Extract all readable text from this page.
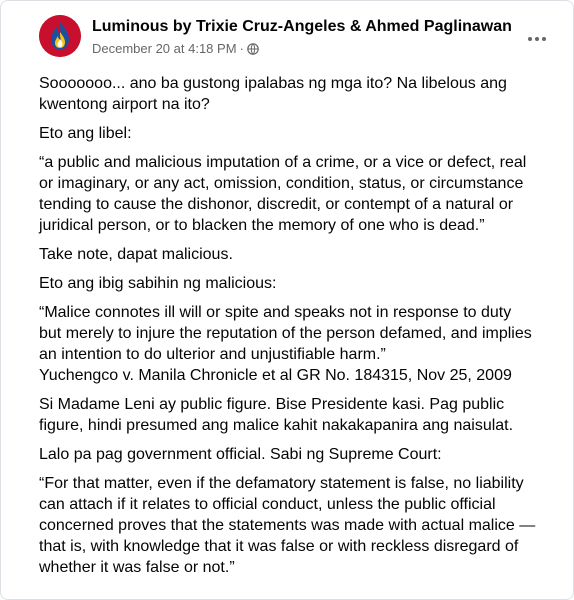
Luminous by Trixie Cruz-Angeles & Ahmed Paglinawan
December 20 at 4:18 PM ·

Sooooooo... ano ba gustong ipalabas ng mga ito? Na libelous ang
kwentong airport na ito?

Eto ang libel:

“a public and malicious imputation of a crime, or a vice or defect, real
or imaginary, or any act, omission, condition, status, or circumstance
tending to cause the dishonor, discredit, or contempt of a natural or
juridical person, or to blacken the memory of one who is dead.”

Take note, dapat malicious.

Eto ang ibig sabihin ng malicious:

“Malice connotes ill will or spite and speaks not in response to duty
but merely to injure the reputation of the person defamed, and implies
an intention to do ulterior and unjustifiable harm.”
Yuchengco v. Manila Chronicle et al GR No. 184315, Nov 25, 2009

Si Madame Leni ay public figure. Bise Presidente kasi. Pag public
figure, hindi presumed ang malice kahit nakakapanira ang naisulat.

Lalo pa pag government official. Sabi ng Supreme Court:

“For that matter, even if the defamatory statement is false, no liability
can attach if it relates to official conduct, unless the public official
concerned proves that the statements was made with actual malice —
that is, with knowledge that it was false or with reckless disregard of
whether it was false or not.”
